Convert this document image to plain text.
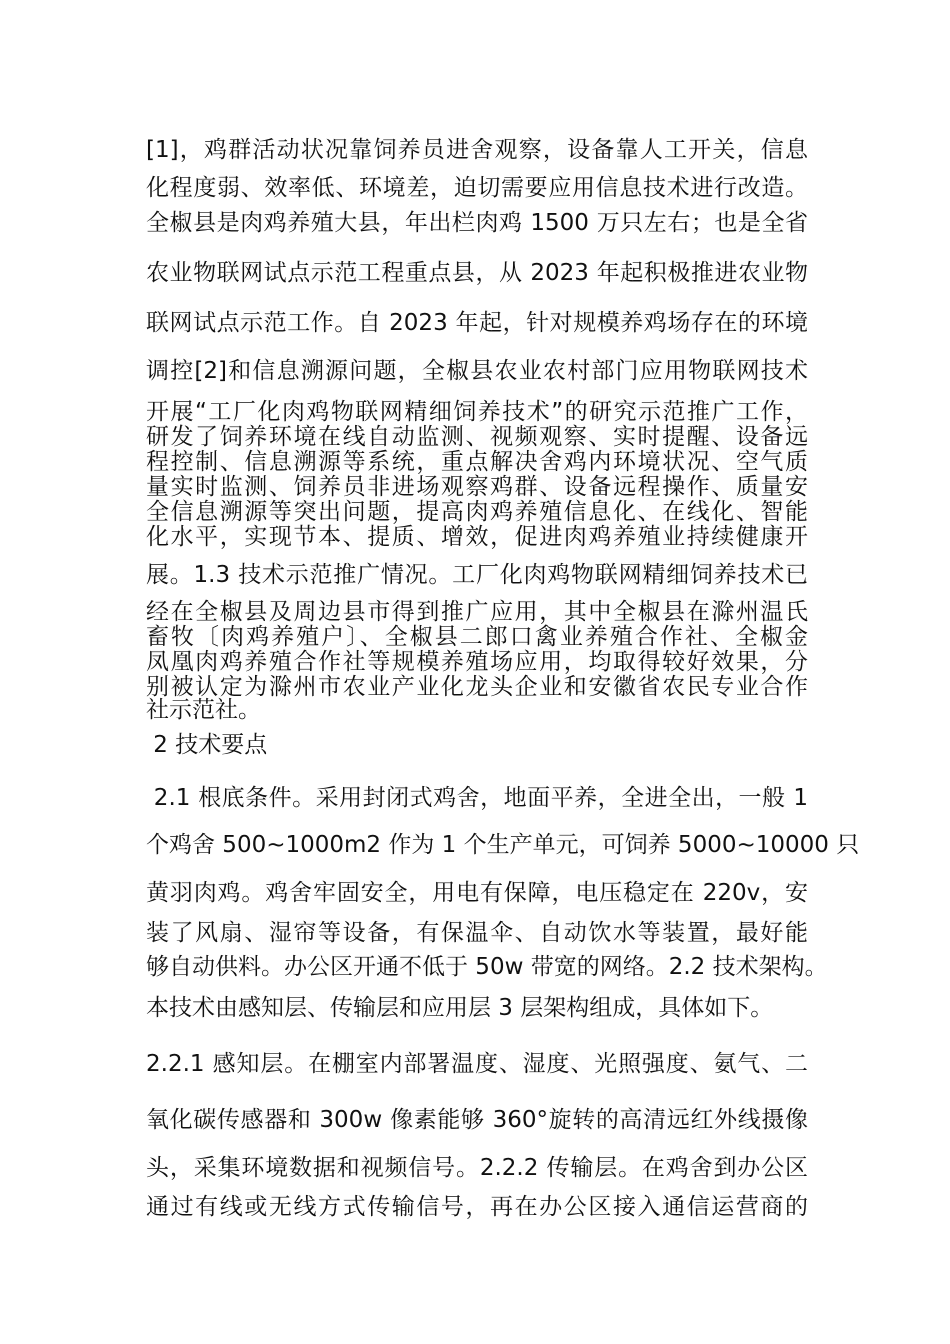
[1]，鸡群活动状况靠饲养员进舍观察，设备靠人工开关，信息
化程度弱、效率低、环境差，迫切需要应用信息技术进行改造。
全椒县是肉鸡养殖大县，年出栏肉鸡 1500 万只左右；也是全省
农业物联网试点示范工程重点县，从 2023 年起积极推进农业物
联网试点示范工作。自 2023 年起，针对规模养鸡场存在的环境
调控[2]和信息溯源问题，全椒县农业农村部门应用物联网技术
开展“工厂化肉鸡物联网精细饲养技术”的研究示范推广工作，
研发了饲养环境在线自动监测、视频观察、实时提醒、设备远
程控制、信息溯源等系统，重点解决舍鸡内环境状况、空气质
量实时监测、饲养员非进场观察鸡群、设备远程操作、质量安
全信息溯源等突出问题，提高肉鸡养殖信息化、在线化、智能
化水平，实现节本、提质、增效，促进肉鸡养殖业持续健康开
展。1.3 技术示范推广情况。工厂化肉鸡物联网精细饲养技术已
经在全椒县及周边县市得到推广应用，其中全椒县在滁州温氏
畜牧〔肉鸡养殖户〕、全椒县二郎口禽业养殖合作社、全椒金
凤凰肉鸡养殖合作社等规模养殖场应用，均取得较好效果，分
别被认定为滁州市农业产业化龙头企业和安徽省农民专业合作
社示范社。
2 技术要点
2.1 根底条件。采用封闭式鸡舍，地面平养，全进全出，一般 1
个鸡舍 500~1000m2 作为 1 个生产单元，可饲养 5000~10000 只
黄羽肉鸡。鸡舍牢固安全，用电有保障，电压稳定在 220v，安
装了风扇、湿帘等设备，有保温伞、自动饮水等装置，最好能
够自动供料。办公区开通不低于 50w 带宽的网络。2.2 技术架构。
本技术由感知层、传输层和应用层 3 层架构组成，具体如下。
2.2.1 感知层。在棚室内部署温度、湿度、光照强度、氨气、二
氧化碳传感器和 300w 像素能够 360°旋转的高清远红外线摄像
头，采集环境数据和视频信号。2.2.2 传输层。在鸡舍到办公区
通过有线或无线方式传输信号，再在办公区接入通信运营商的
